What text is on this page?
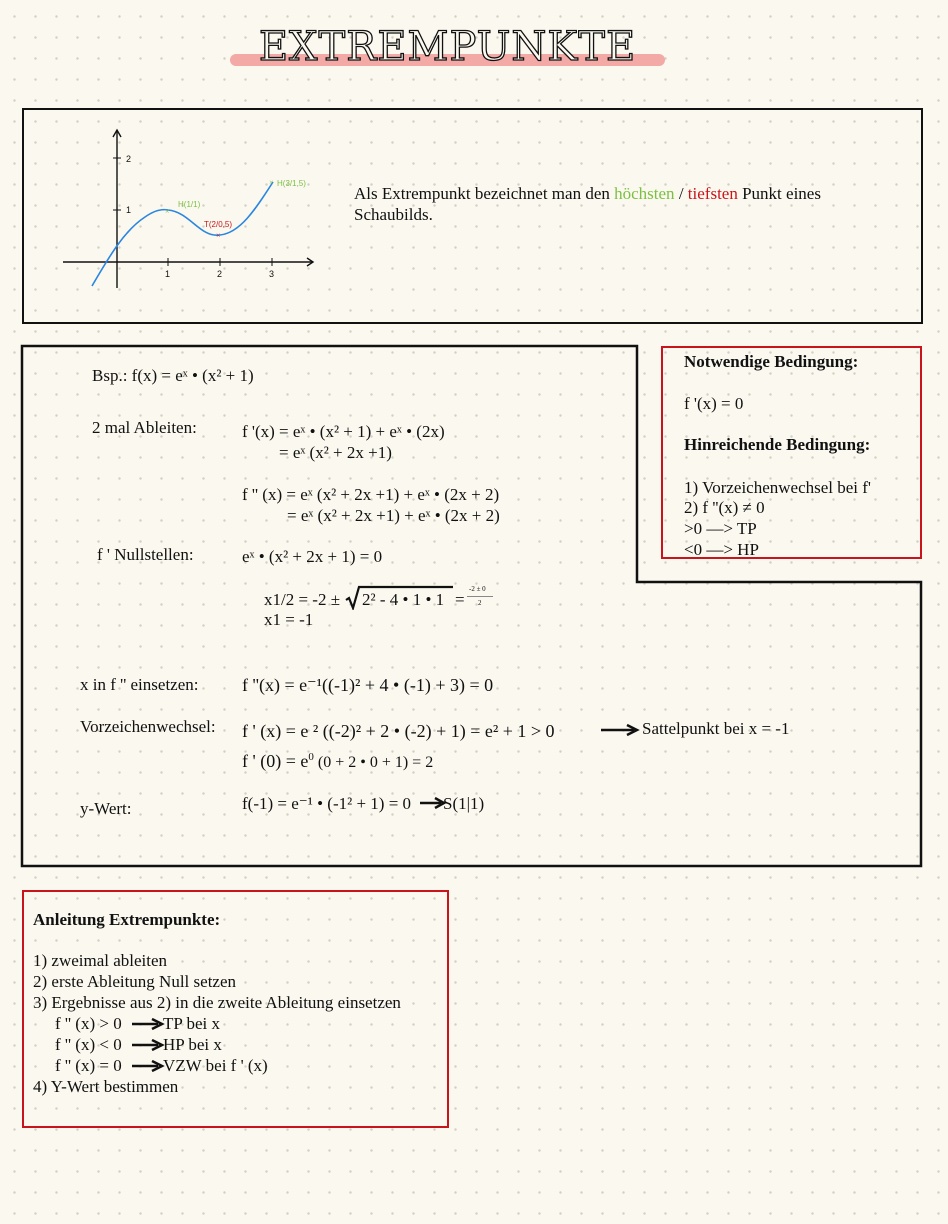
EXTREMPUNKTE
2
1
1	2	3
×
H(1/1)
×
T(2/0,5)
× H(3/1,5)
Als Extrempunkt bezeichnet man den höchsten / tiefsten Punkt eines Schaubilds.
Notwendige Bedingung:
f '(x) = 0
Hinreichende Bedingung:
1) Vorzeichenwechsel bei f'
2) f ''(x) ≠ 0
>0 —> TP
<0 —> HP
Bsp.: f(x) = eˣ • (x² + 1)
2 mal Ableiten:	f '(x) = eˣ • (x² + 1) + eˣ • (2x)
= eˣ (x² + 2x +1)
f '' (x) = eˣ (x² + 2x +1) + eˣ • (2x + 2)
= eˣ (x² + 2x +1) + eˣ • (2x + 2)
f ' Nullstellen:	eˣ • (x² + 2x + 1) = 0
x1/2 = -2 ± 2² - 4 • 1 • 1 =
-2 ± 0
2
x1 = -1
x in f '' einsetzen: f ''(x) = e⁻¹((-1)² + 4 • (-1) + 3) = 0
Vorzeichenwechsel: f ' (x) = e ² ((-2)² + 2 • (-2) + 1) = e² + 1 > 0	Sattelpunkt bei x = -1
f ' $(0) = e^0$ (0 + 2 • 0 + 1) = 2
y-Wert:	f(-1) = e⁻¹ • (-1² + 1) = 0 S(1|1)
Anleitung Extrempunkte:
1) zweimal ableiten
2) erste Ableitung Null setzen
3) Ergebnisse aus 2) in die zweite Ableitung einsetzen
f '' (x) > 0 TP bei x
f '' (x) < 0 HP bei x
f '' (x) = 0 VZW bei f ' (x)
4) Y-Wert bestimmen
